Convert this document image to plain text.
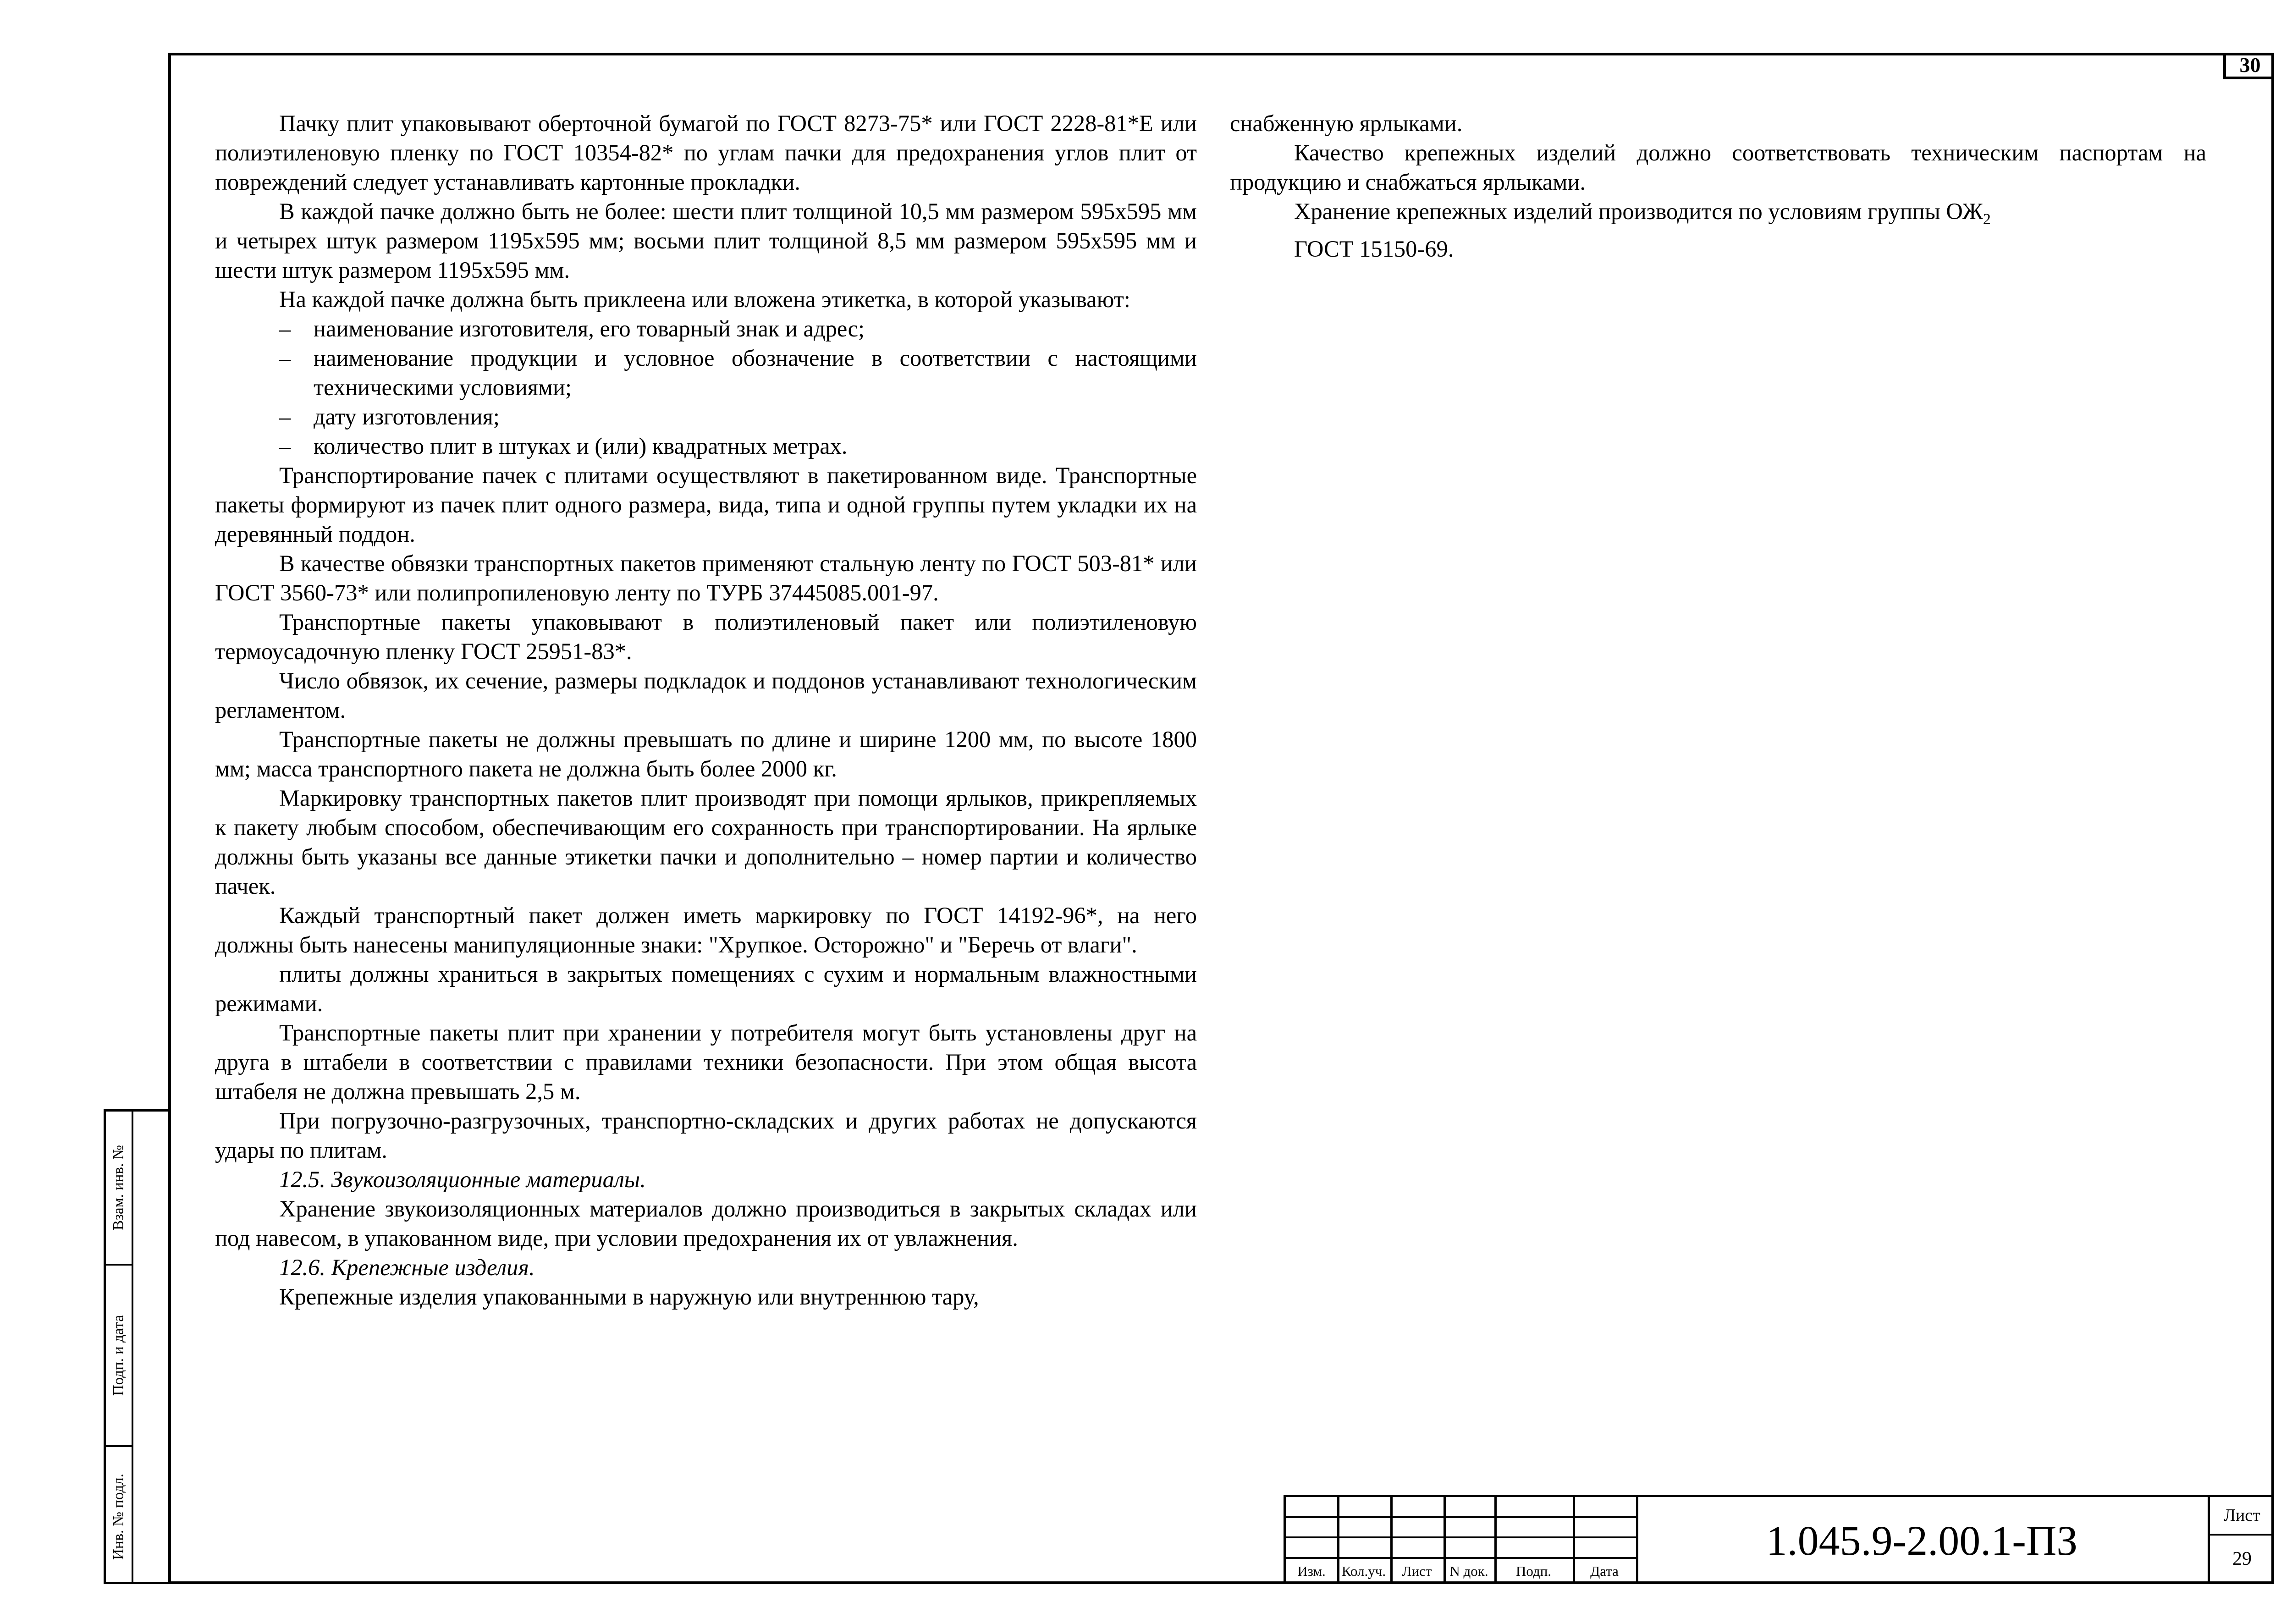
30
Взам. инв. №
Подп. и дата
Инв. № подл.

Пачку плит упаковывают оберточной бумагой по ГОСТ 8273-75* или ГОСТ 2228-81*Е или полиэтиленовую пленку по ГОСТ 10354-82* по углам пачки для предохранения углов плит от повреждений следует устанавливать картонные прокладки.

В каждой пачке должно быть не более: шести плит толщиной 10,5 мм размером 595х595 мм и четырех штук размером 1195х595 мм; восьми плит толщиной 8,5 мм размером 595х595 мм и шести штук размером 1195х595 мм.

На каждой пачке должна быть приклеена или вложена этикетка, в которой указывают:

– наименование изготовителя, его товарный знак и адрес;
– наименование продукции и условное обозначение в соответствии с настоящими техническими условиями;
– дату изготовления;
– количество плит в штуках и (или) квадратных метрах.

Транспортирование пачек с плитами осуществляют в пакетированном виде. Транспортные пакеты формируют из пачек плит одного размера, вида, типа и одной группы путем укладки их на деревянный поддон.

В качестве обвязки транспортных пакетов применяют стальную ленту по ГОСТ 503-81* или ГОСТ 3560-73* или полипропиленовую ленту по ТУРБ 37445085.001-97.

Транспортные пакеты упаковывают в полиэтиленовый пакет или полиэтиленовую термоусадочную пленку ГОСТ 25951-83*.

Число обвязок, их сечение, размеры подкладок и поддонов устанавливают технологическим регламентом.

Транспортные пакеты не должны превышать по длине и ширине 1200 мм, по высоте 1800 мм; масса транспортного пакета не должна быть более 2000 кг.

Маркировку транспортных пакетов плит производят при помощи ярлыков, прикрепляемых к пакету любым способом, обеспечивающим его сохранность при транспортировании. На ярлыке должны быть указаны все данные этикетки пачки и дополнительно – номер партии и количество пачек.

Каждый транспортный пакет должен иметь маркировку по ГОСТ 14192-96*, на него должны быть нанесены манипуляционные знаки: "Хрупкое. Осторожно" и "Беречь от влаги".

плиты должны храниться в закрытых помещениях с сухим и нормальным влажностными режимами.

Транспортные пакеты плит при хранении у потребителя могут быть установлены друг на друга в штабели в соответствии с правилами техники безопасности. При этом общая высота штабеля не должна превышать 2,5 м.

При погрузочно-разгрузочных, транспортно-складских и других работах не допускаются удары по плитам.

12.5. Звукоизоляционные материалы.

Хранение звукоизоляционных материалов должно производиться в закрытых складах или под навесом, в упакованном виде, при условии предохранения их от увлажнения.

12.6. Крепежные изделия.

Крепежные изделия упакованными в наружную или внутреннюю тару,

снабженную ярлыками.

Качество крепежных изделий должно соответствовать техническим паспортам на продукцию и снабжаться ярлыками.

Хранение крепежных изделий производится по условиям группы $ОЖ_2$

ГОСТ 15150-69.

Изм.	Кол.уч.	Лист	N док.	Подп.	Дата
1.045.9-2.00.1-ПЗ
Лист
29
